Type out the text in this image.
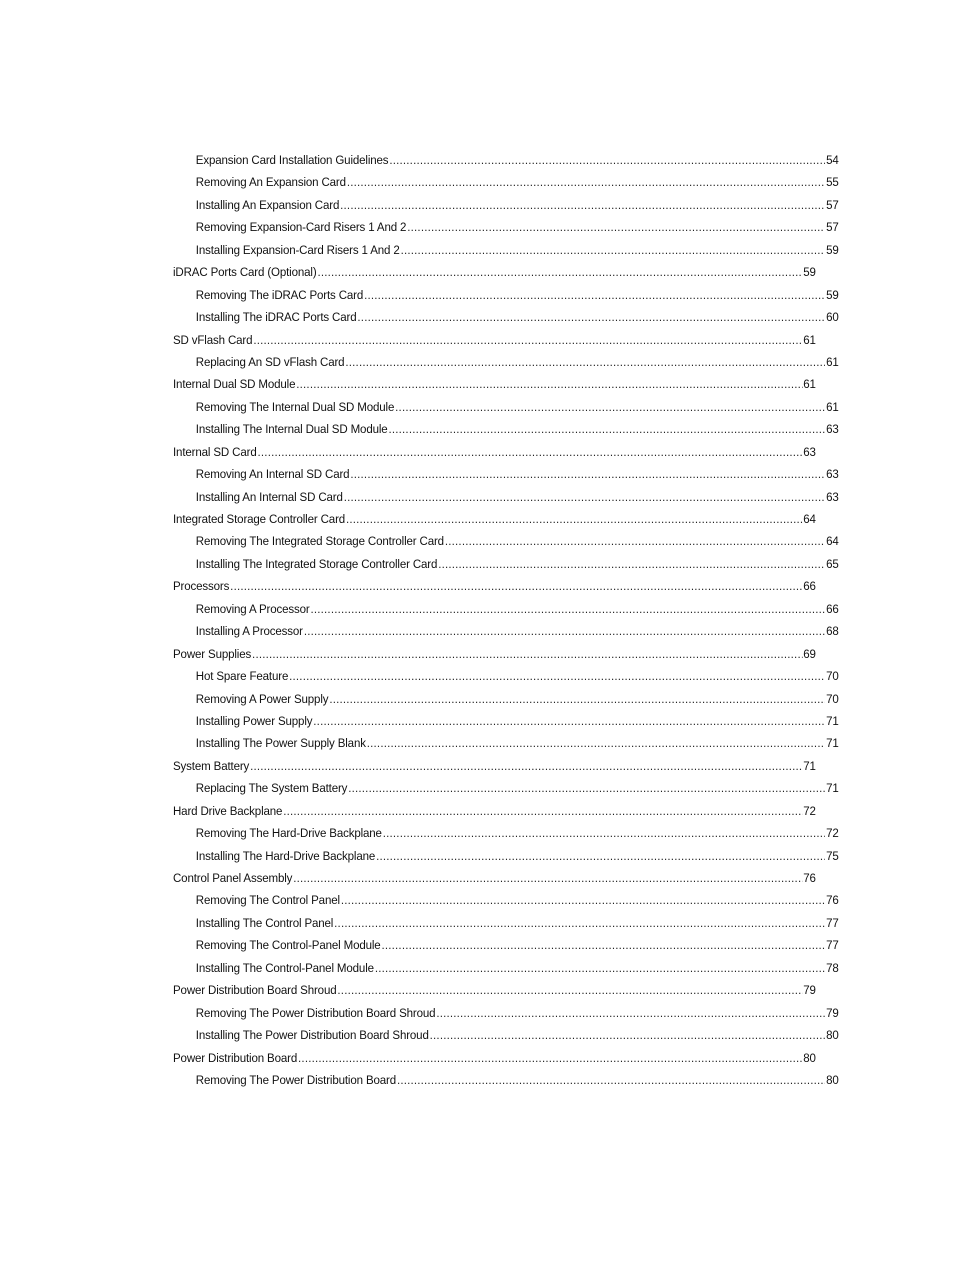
Expansion Card Installation Guidelines .....	54
Removing An Expansion Card .....	55
Installing An Expansion Card .....	57
Removing Expansion-Card Risers 1 And 2 .....	57
Installing Expansion-Card Risers 1 And 2 .....	59
iDRAC Ports Card (Optional) .....	59
Removing The iDRAC Ports Card .....	59
Installing The iDRAC Ports Card .....	60
SD vFlash Card .....	61
Replacing An SD vFlash Card .....	61
Internal Dual SD Module .....	61
Removing The Internal Dual SD Module .....	61
Installing The Internal Dual SD Module .....	63
Internal SD Card .....	63
Removing An Internal SD Card .....	63
Installing An Internal SD Card .....	63
Integrated Storage Controller Card .....	64
Removing The Integrated Storage Controller Card .....	64
Installing The Integrated Storage Controller Card .....	65
Processors .....	66
Removing A Processor .....	66
Installing A Processor .....	68
Power Supplies .....	69
Hot Spare Feature .....	70
Removing A Power Supply .....	70
Installing Power Supply .....	71
Installing The Power Supply Blank .....	71
System Battery .....	71
Replacing The System Battery .....	71
Hard Drive Backplane .....	72
Removing The Hard-Drive Backplane .....	72
Installing The Hard-Drive Backplane .....	75
Control Panel Assembly .....	76
Removing The Control Panel .....	76
Installing The Control Panel .....	77
Removing The Control-Panel Module .....	77
Installing The Control-Panel Module .....	78
Power Distribution Board Shroud .....	79
Removing The Power Distribution Board Shroud .....	79
Installing The Power Distribution Board Shroud .....	80
Power Distribution Board .....	80
Removing The Power Distribution Board .....	80
